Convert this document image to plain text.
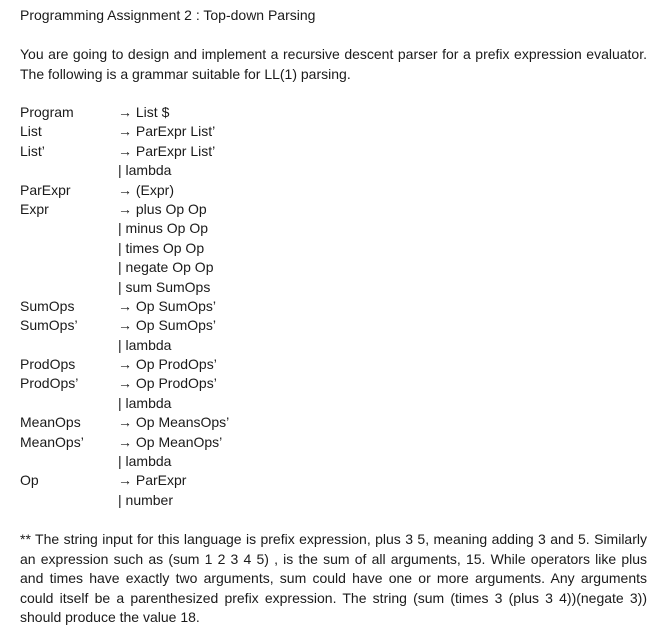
Programming Assignment 2 : Top-down Parsing

You are going to design and implement a recursive descent parser for a prefix expression evaluator. The following is a grammar suitable for LL(1) parsing.

Program	→ List $
List	→ ParExpr List’
List’	→ ParExpr List’
| lambda
ParExpr	→ (Expr)
Expr	→ plus Op Op
| minus Op Op
| times Op Op
| negate Op Op
| sum SumOps
SumOps	→ Op SumOps’
SumOps’	→ Op SumOps’
| lambda
ProdOps	→ Op ProdOps’
ProdOps’	→ Op ProdOps’
| lambda
MeanOps	→ Op MeansOps’
MeanOps’	→ Op MeanOps’
| lambda
Op	→ ParExpr
| number

** The string input for this language is prefix expression, plus 3 5, meaning adding 3 and 5. Similarly an expression such as (sum 1 2 3 4 5) , is the sum of all arguments, 15. While operators like plus and times have exactly two arguments, sum could have one or more arguments. Any arguments could itself be a parenthesized prefix expression. The string (sum (times 3 (plus 3 4))(negate 3)) should produce the value 18.
